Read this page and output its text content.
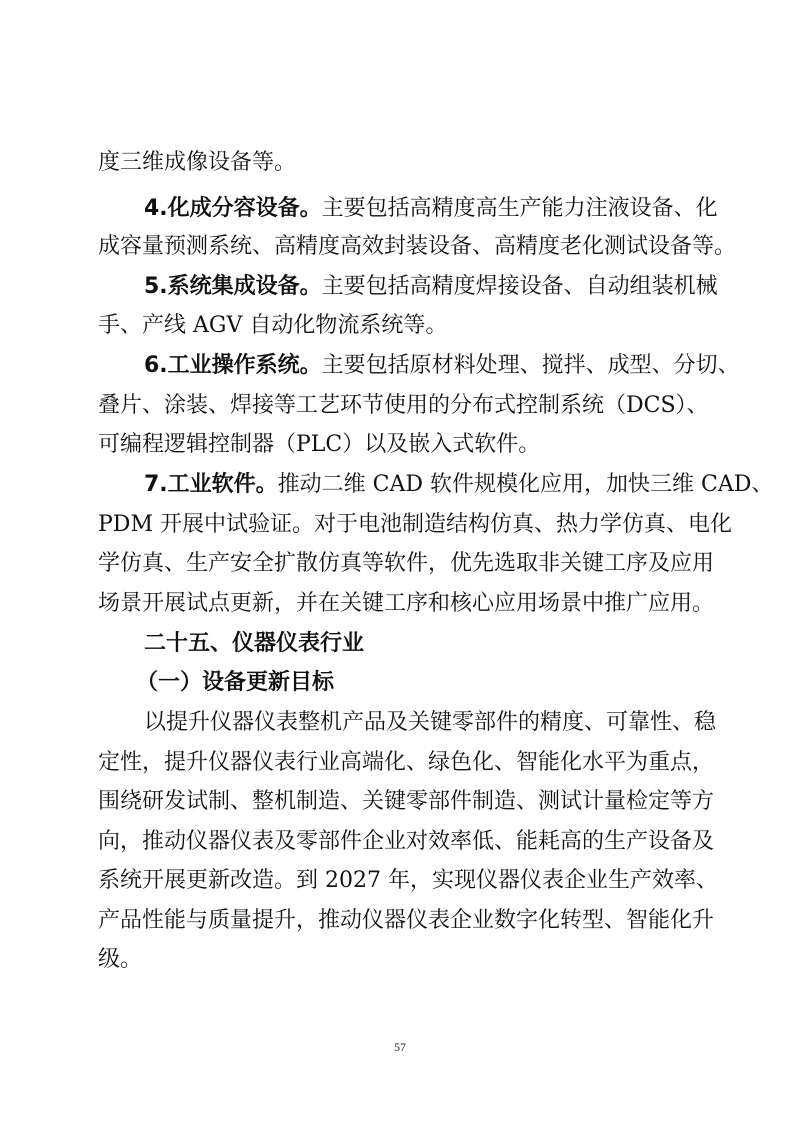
度三维成像设备等。
4.化成分容设备。主要包括高精度高生产能力注液设备、化
成容量预测系统、高精度高效封装设备、高精度老化测试设备等。
5.系统集成设备。主要包括高精度焊接设备、自动组装机械
手、产线 AGV 自动化物流系统等。
6.工业操作系统。主要包括原材料处理、搅拌、成型、分切、
叠片、涂装、焊接等工艺环节使用的分布式控制系统（DCS）、
可编程逻辑控制器（PLC）以及嵌入式软件。
7.工业软件。推动二维 CAD 软件规模化应用，加快三维 CAD、
PDM 开展中试验证。对于电池制造结构仿真、热力学仿真、电化
学仿真、生产安全扩散仿真等软件，优先选取非关键工序及应用
场景开展试点更新，并在关键工序和核心应用场景中推广应用。
二十五、仪器仪表行业
（一）设备更新目标
以提升仪器仪表整机产品及关键零部件的精度、可靠性、稳
定性，提升仪器仪表行业高端化、绿色化、智能化水平为重点，
围绕研发试制、整机制造、关键零部件制造、测试计量检定等方
向，推动仪器仪表及零部件企业对效率低、能耗高的生产设备及
系统开展更新改造。到 2027 年，实现仪器仪表企业生产效率、
产品性能与质量提升，推动仪器仪表企业数字化转型、智能化升
级。
57
